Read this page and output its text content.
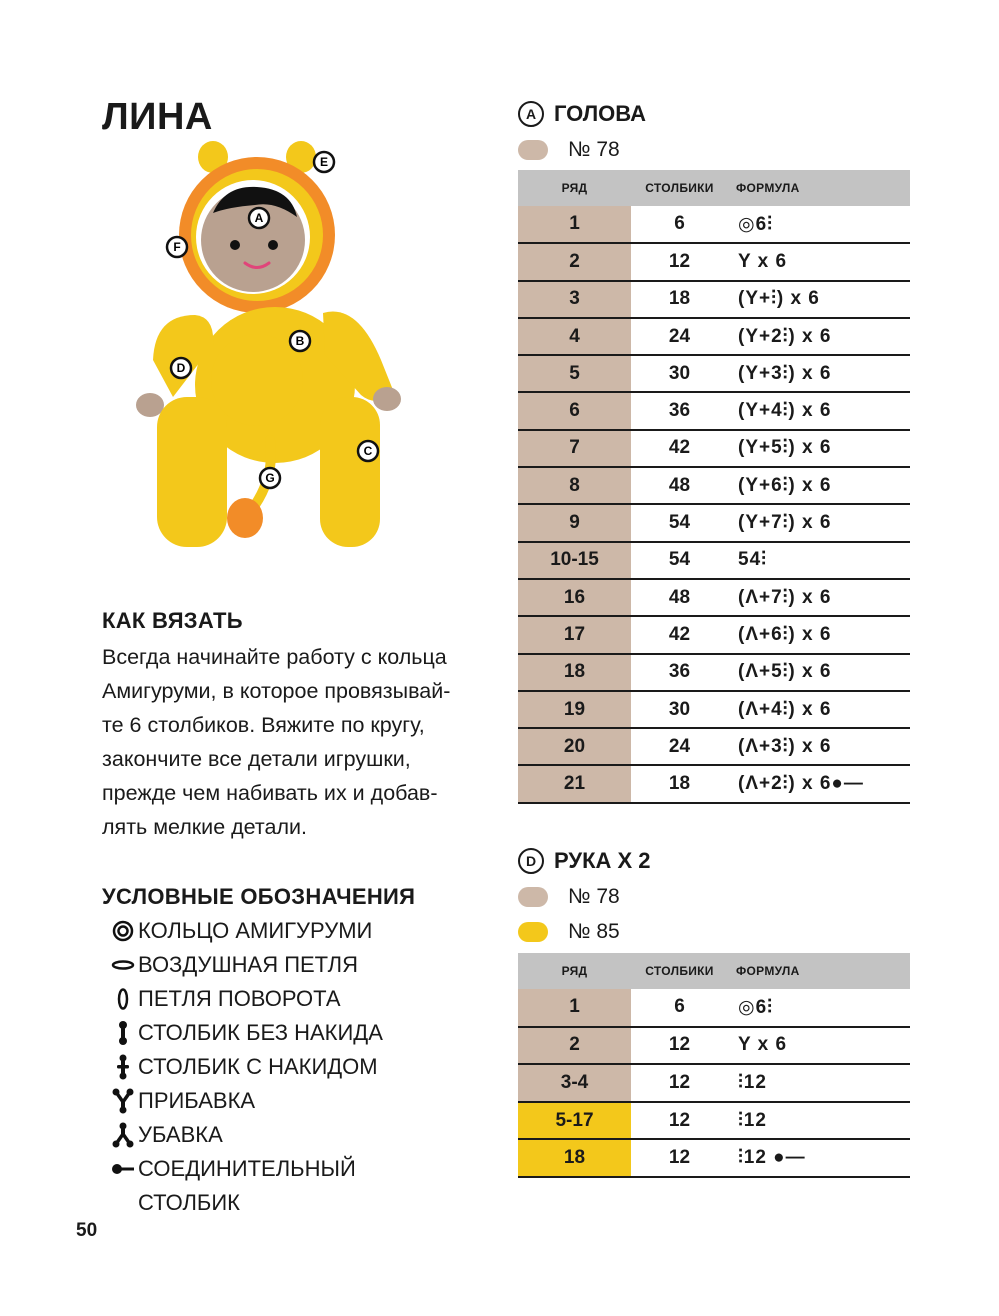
ЛИНА
A
B
C
D
E
F
G
КАК ВЯЗАТЬ
Всегда начинайте работу с кольца
Амигуруми, в которое провязывай-
те 6 столбиков. Вяжите по кругу,
закончите все детали игрушки,
прежде чем набивать их и добав-
лять мелкие детали.
УСЛОВНЫЕ ОБОЗНАЧЕНИЯ
КОЛЬЦО АМИГУРУМИ
ВОЗДУШНАЯ ПЕТЛЯ
ПЕТЛЯ ПОВОРОТА
СТОЛБИК БЕЗ НАКИДА
СТОЛБИК С НАКИДОМ
ПРИБАВКА
УБАВКА
СОЕДИНИТЕЛЬНЫЙ СТОЛБИК
50
A ГОЛОВА
№ 78
РЯД	СТОЛБИКИ	ФОРМУЛА
1	6	◎6⫶
2	12	Y x 6
3	18	(Y+⫶) x 6
4	24	(Y+2⫶) x 6
5	30	(Y+3⫶) x 6
6	36	(Y+4⫶) x 6
7	42	(Y+5⫶) x 6
8	48	(Y+6⫶) x 6
9	54	(Y+7⫶) x 6
10-15	54	54⫶
16	48	(Λ+7⫶) x 6
17	42	(Λ+6⫶) x 6
18	36	(Λ+5⫶) x 6
19	30	(Λ+4⫶) x 6
20	24	(Λ+3⫶) x 6
21	18	(Λ+2⫶) x 6●—
D РУКА X 2
№ 78
№ 85
РЯД	СТОЛБИКИ	ФОРМУЛА
1	6	◎6⫶
2	12	Y x 6
3-4	12	⫶12
5-17	12	⫶12
18	12	⫶12 ●—
